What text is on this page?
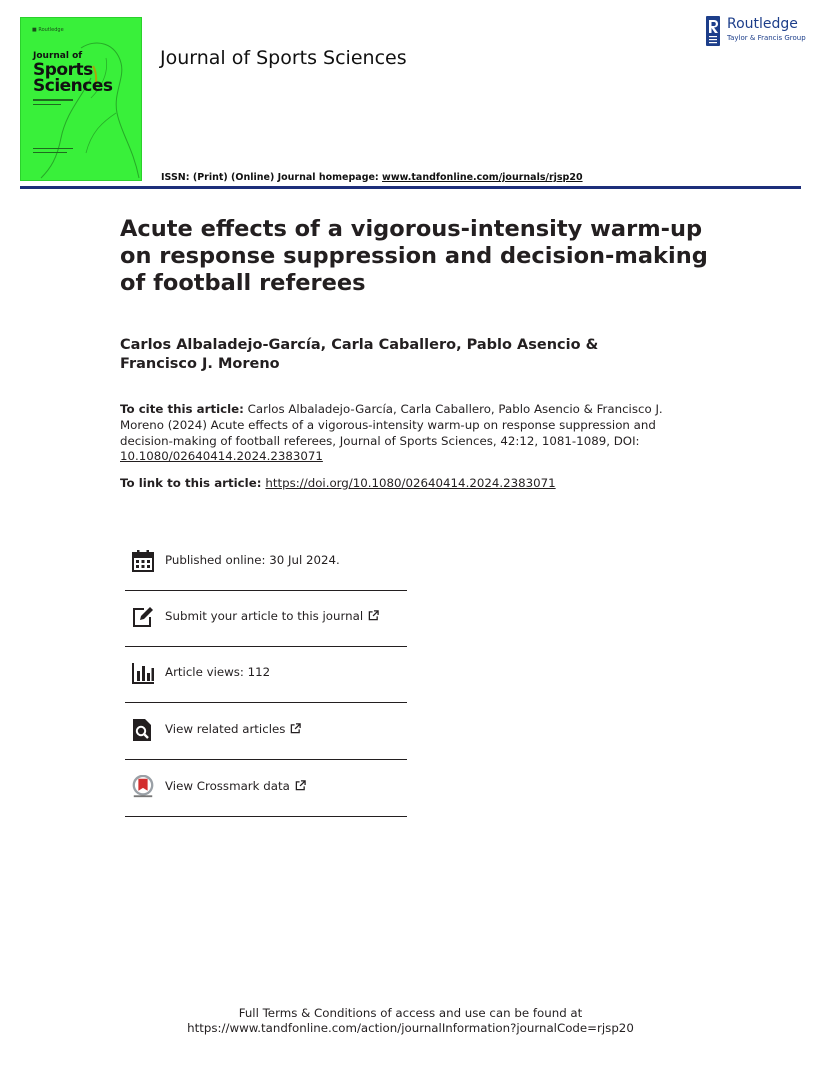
■ Routledge
Journal of
Sports
Sciences
Journal of Sports Sciences
Routledge
Taylor & Francis Group
ISSN: (Print) (Online) Journal homepage: www.tandfonline.com/journals/rjsp20
Acute effects of a vigorous-intensity warm-up on response suppression and decision-making of football referees
Carlos Albaladejo-García, Carla Caballero, Pablo Asencio & Francisco J. Moreno
To cite this article: Carlos Albaladejo-García, Carla Caballero, Pablo Asencio & Francisco J. Moreno (2024) Acute effects of a vigorous-intensity warm-up on response suppression and decision-making of football referees, Journal of Sports Sciences, 42:12, 1081-1089, DOI: 10.1080/02640414.2024.2383071
To link to this article: https://doi.org/10.1080/02640414.2024.2383071
Published online: 30 Jul 2024.
Submit your article to this journal
Article views: 112
View related articles
View Crossmark data
Full Terms & Conditions of access and use can be found at
https://www.tandfonline.com/action/journalInformation?journalCode=rjsp20
